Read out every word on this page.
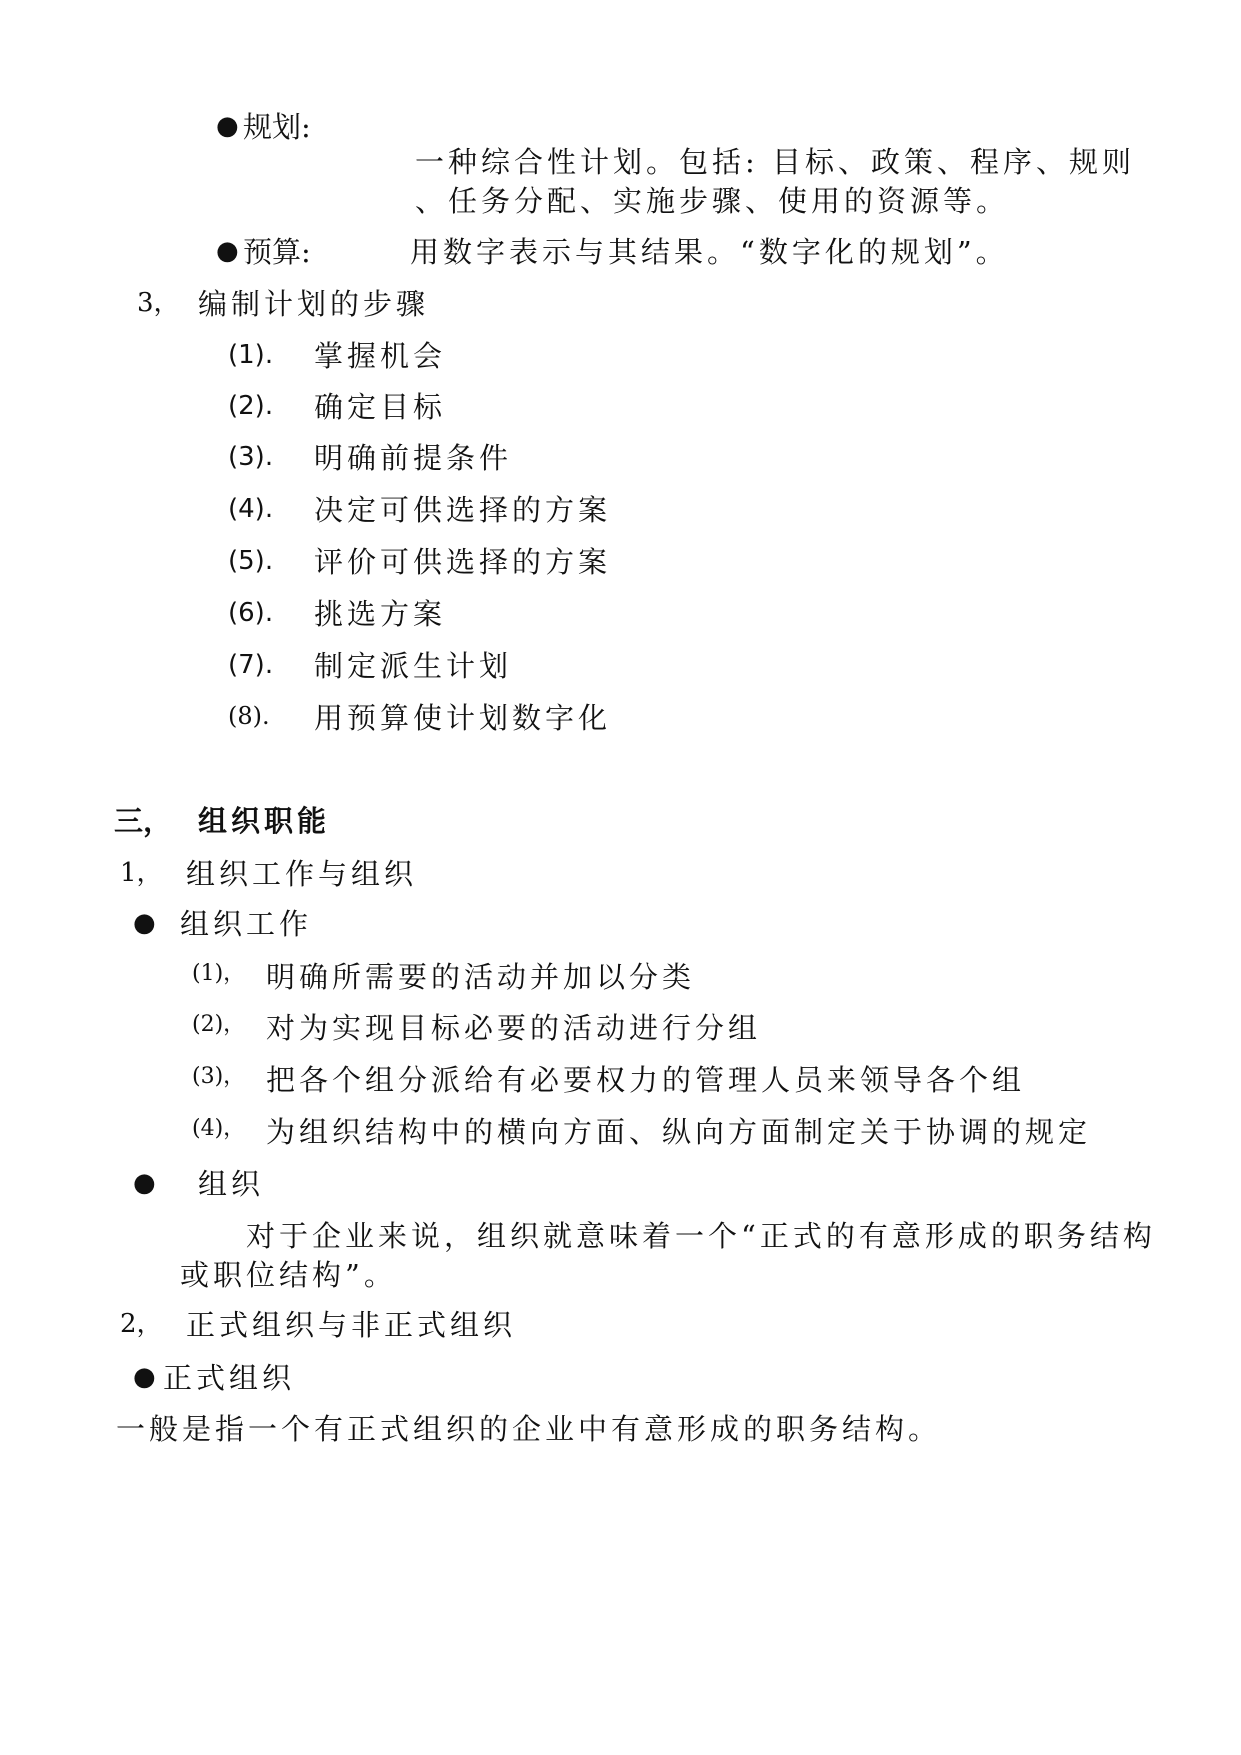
● 规划:
一种综合性计划。包括: 目标、政策、程序、规则
、任务分配、实施步骤、使用的资源等。
● 预算:	用数字表示与其结果。“数字化的规划”。
3， 编制计划的步骤
(1). 掌握机会
(2). 确定目标
(3). 明确前提条件
(4). 决定可供选择的方案
(5). 评价可供选择的方案
(6). 挑选方案
(7). 制定派生计划
(8). 用预算使计划数字化
三， 组织职能
1， 组织工作与组织
● 组织工作
(1)， 明确所需要的活动并加以分类
(2)， 对为实现目标必要的活动进行分组
(3)， 把各个组分派给有必要权力的管理人员来领导各个组
(4)， 为组织结构中的横向方面、纵向方面制定关于协调的规定
● 组织
对于企业来说，组织就意味着一个“正式的有意形成的职务结构
或职位结构”。
2， 正式组织与非正式组织
● 正式组织
一般是指一个有正式组织的企业中有意形成的职务结构。
